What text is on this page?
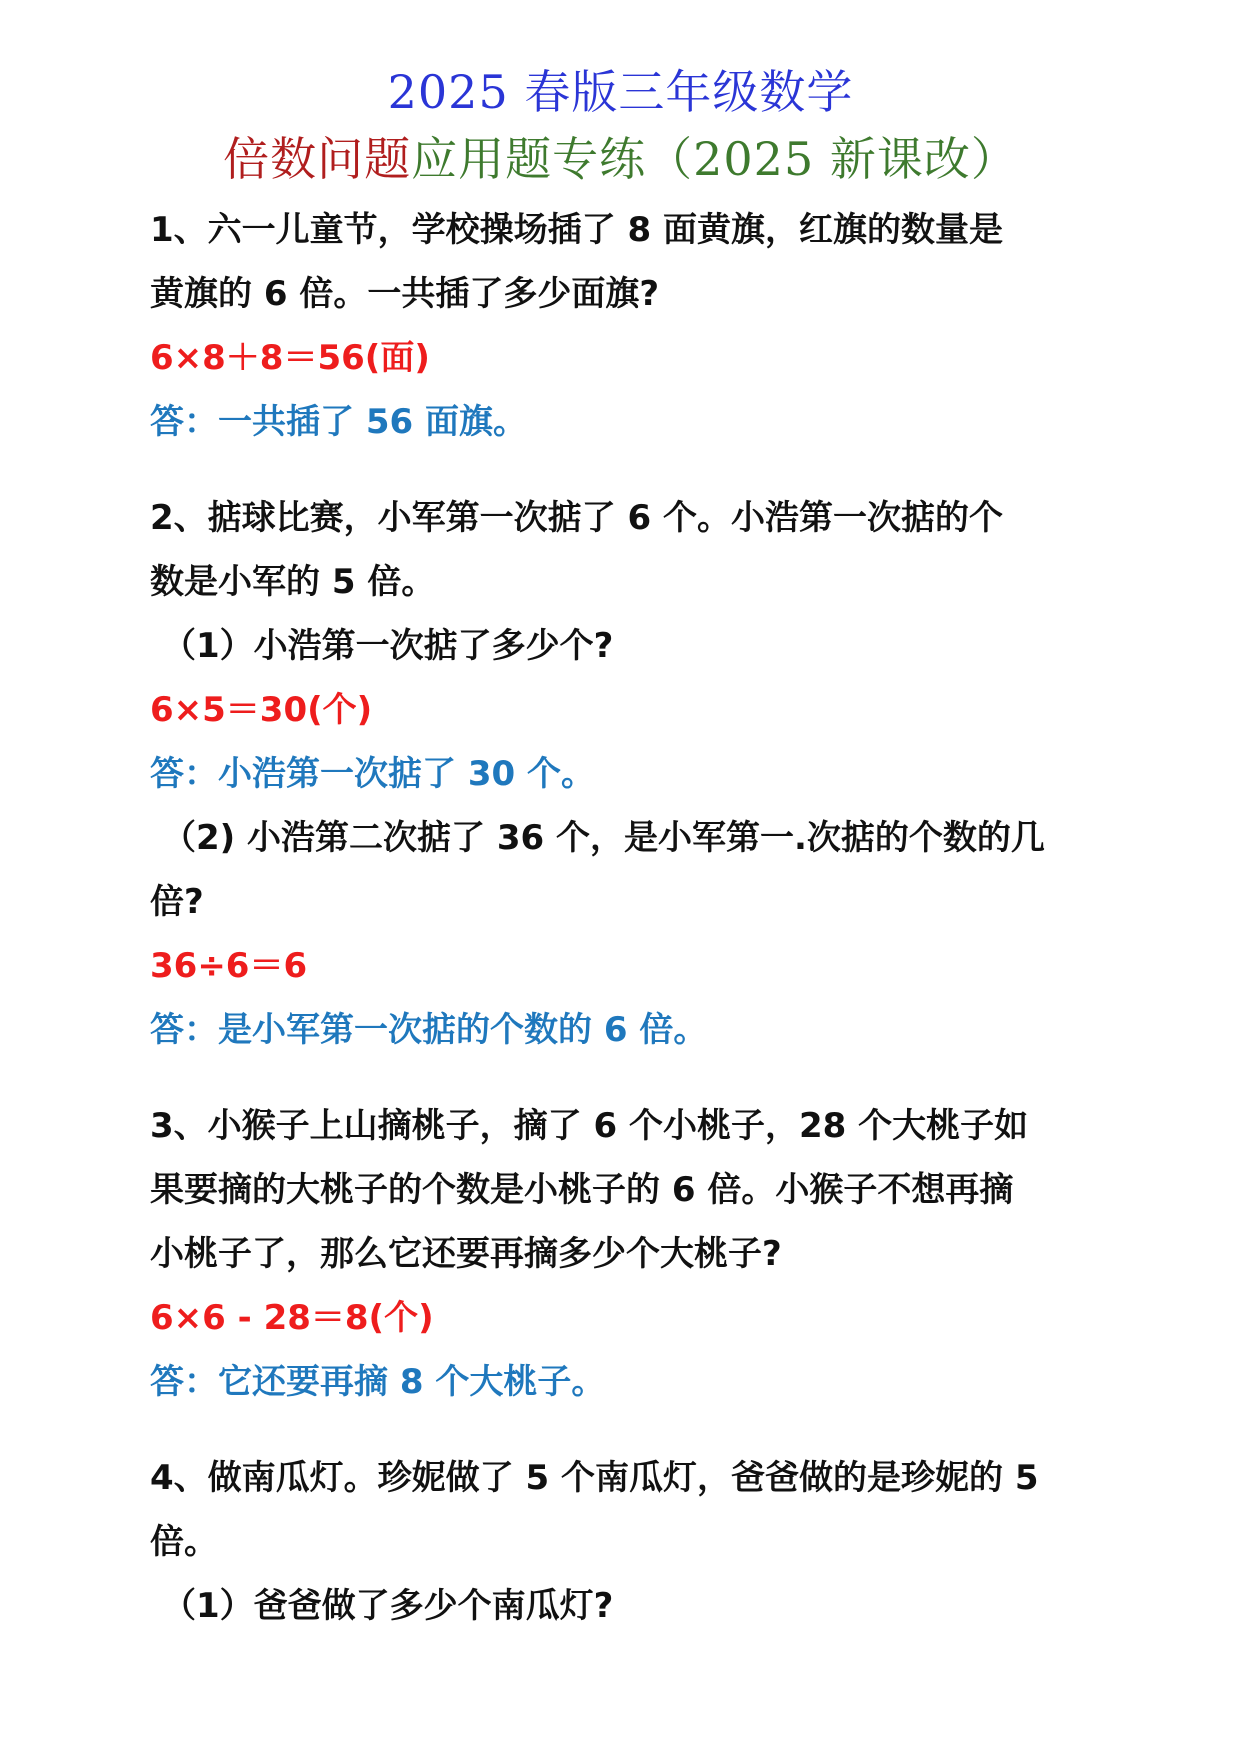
2025 春版三年级数学
倍数问题应用题专练（2025 新课改）
1、六一儿童节，学校操场插了 8 面黄旗，红旗的数量是
黄旗的 6 倍。一共插了多少面旗?
6×8＋8＝56(面)
答：一共插了 56 面旗。
2、掂球比赛，小军第一次掂了 6 个。小浩第一次掂的个
数是小军的 5 倍。
（1）小浩第一次掂了多少个?
6×5＝30(个)
答：小浩第一次掂了 30 个。
（2) 小浩第二次掂了 36 个，是小军第一.次掂的个数的几
倍?
36÷6＝6
答：是小军第一次掂的个数的 6 倍。
3、小猴子上山摘桃子，摘了 6 个小桃子，28 个大桃子如
果要摘的大桃子的个数是小桃子的 6 倍。小猴子不想再摘
小桃子了，那么它还要再摘多少个大桃子?
6×6 - 28＝8(个)
答：它还要再摘 8 个大桃子。
4、做南瓜灯。珍妮做了 5 个南瓜灯，爸爸做的是珍妮的 5
倍。
（1）爸爸做了多少个南瓜灯?
